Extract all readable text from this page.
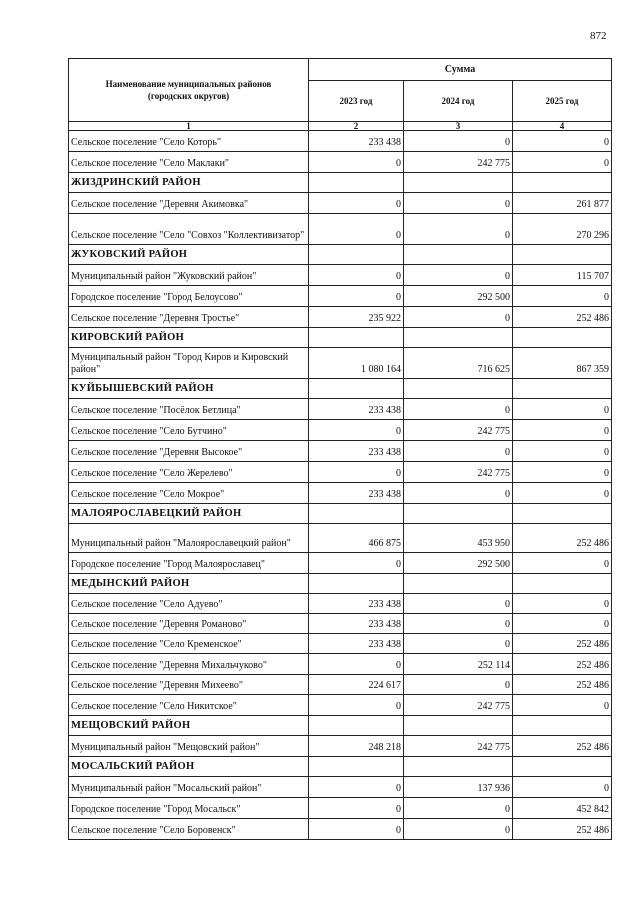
872
Наименование муниципальных районов (городских округов)	Сумма		
	2023 год	2024 год	2025 год
1	2	3	4
Сельское поселение "Село Которь"	233 438	0	0
Сельское поселение "Село Маклаки"	0	242 775	0
ЖИЗДРИНСКИЙ РАЙОН			
Сельское поселение "Деревня Акимовка"	0	0	261 877
Сельское поселение "Село "Совхоз "Коллективизатор"	0	0	270 296
ЖУКОВСКИЙ РАЙОН			
Муниципальный район "Жуковский район"	0	0	115 707
Городское поселение "Город Белоусово"	0	292 500	0
Сельское поселение "Деревня Тростье"	235 922	0	252 486
КИРОВСКИЙ РАЙОН			
Муниципальный район "Город Киров и Кировский район"	1 080 164	716 625	867 359
КУЙБЫШЕВСКИЙ РАЙОН			
Сельское поселение "Посёлок Бетлица"	233 438	0	0
Сельское поселение "Село Бутчино"	0	242 775	0
Сельское поселение "Деревня Высокое"	233 438	0	0
Сельское поселение "Село Жерелево"	0	242 775	0
Сельское поселение "Село Мокрое"	233 438	0	0
МАЛОЯРОСЛАВЕЦКИЙ РАЙОН			
Муниципальный район "Малоярославецкий район"	466 875	453 950	252 486
Городское поселение "Город Малоярославец"	0	292 500	0
МЕДЫНСКИЙ РАЙОН			
Сельское поселение "Село Адуево"	233 438	0	0
Сельское поселение "Деревня Романово"	233 438	0	0
Сельское поселение "Село Кременское"	233 438	0	252 486
Сельское поселение "Деревня Михальчуково"	0	252 114	252 486
Сельское поселение "Деревня Михеево"	224 617	0	252 486
Сельское поселение "Село Никитское"	0	242 775	0
МЕЩОВСКИЙ РАЙОН			
Муниципальный район "Мещовский район"	248 218	242 775	252 486
МОСАЛЬСКИЙ РАЙОН			
Муниципальный район "Мосальский район"	0	137 936	0
Городское поселение "Город Мосальск"	0	0	452 842
Сельское поселение "Село Боровенск"	0	0	252 486
